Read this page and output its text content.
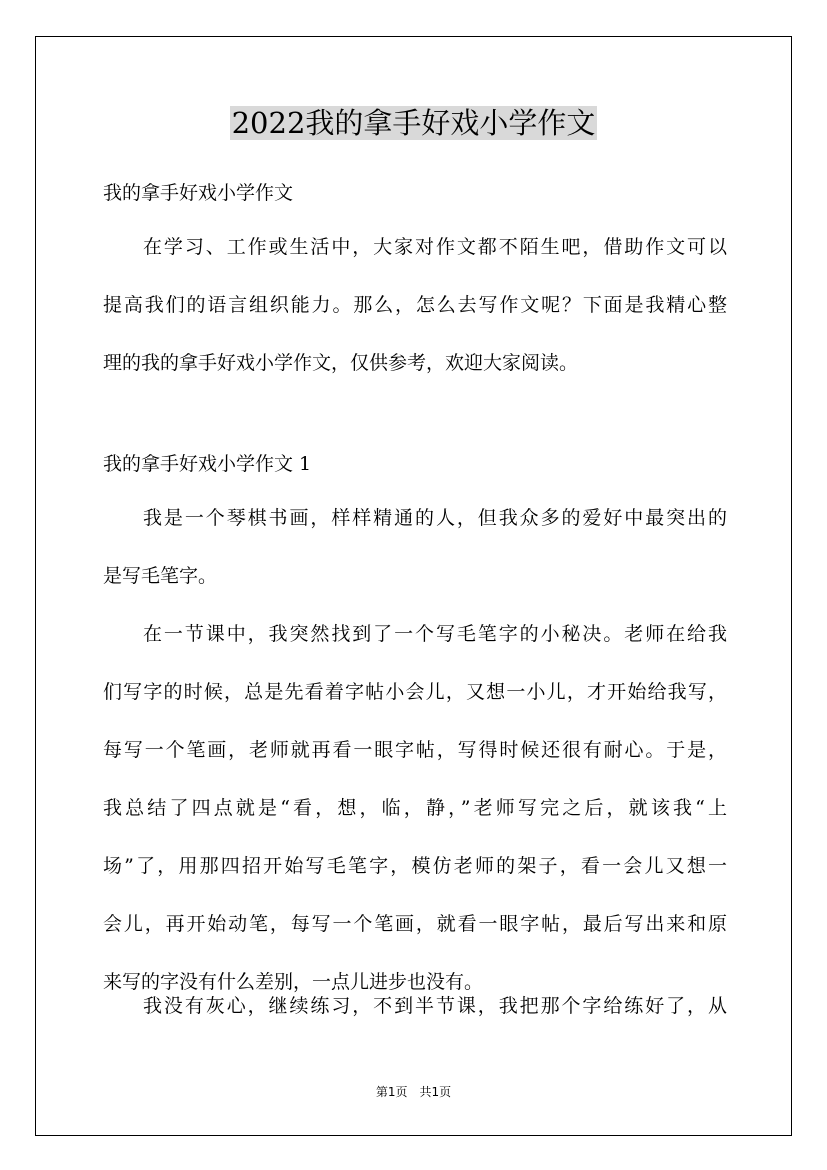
2022我的拿手好戏小学作文

我的拿手好戏小学作文

在学习、工作或生活中，大家对作文都不陌生吧，借助作文可以
提高我们的语言组织能力。那么，怎么去写作文呢？下面是我精心整
理的我的拿手好戏小学作文，仅供参考，欢迎大家阅读。

我的拿手好戏小学作文 1

我是一个琴棋书画，样样精通的人，但我众多的爱好中最突出的
是写毛笔字。
在一节课中，我突然找到了一个写毛笔字的小秘决。老师在给我
们写字的时候，总是先看着字帖小会儿，又想一小儿，才开始给我写，
每写一个笔画，老师就再看一眼字帖，写得时候还很有耐心。于是，
我总结了四点就是“看，想，临，静，”老师写完之后，就该我“上
场”了，用那四招开始写毛笔字，模仿老师的架子，看一会儿又想一
会儿，再开始动笔，每写一个笔画，就看一眼字帖，最后写出来和原
来写的字没有什么差别，一点儿进步也没有。
我没有灰心，继续练习，不到半节课，我把那个字给练好了，从
第1页 共1页
